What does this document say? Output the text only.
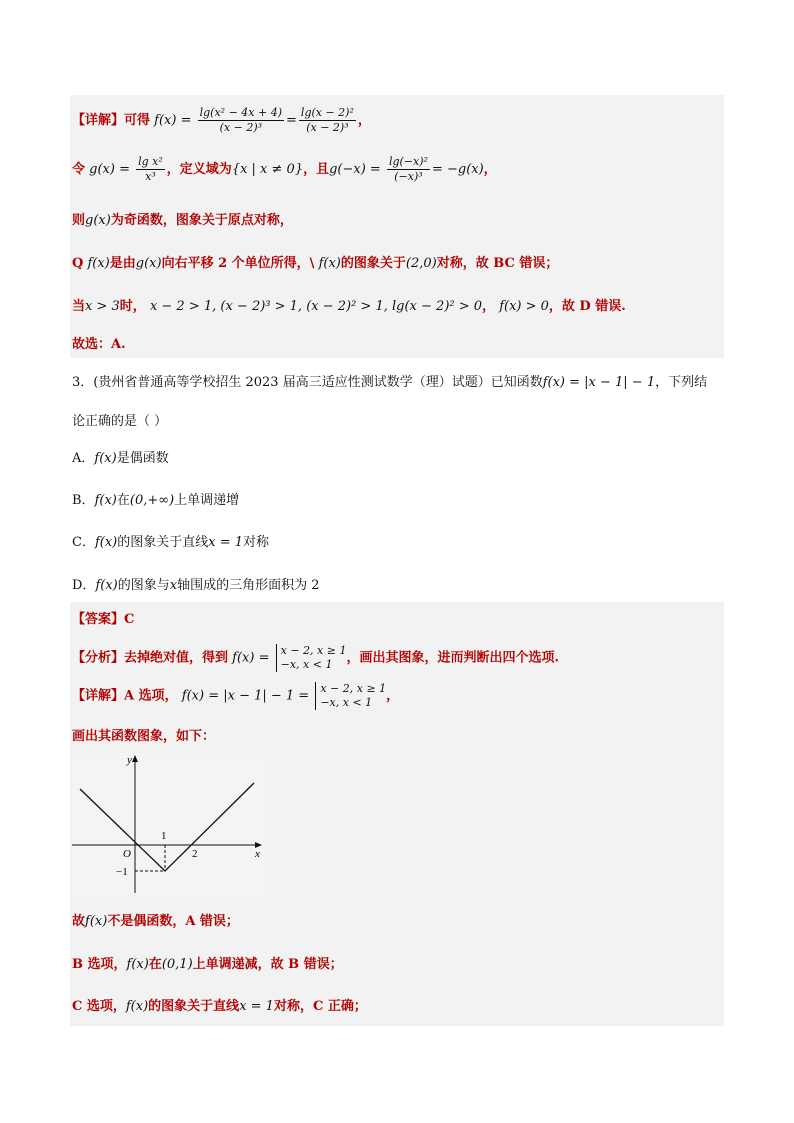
【详解】可得 $f(x) = \frac{\text{lg(x² − 4x + 4)}}{\text{(x − 2)³}} = \frac{\text{lg(x − 2)²}}{\text{(x − 2)³}}$ ，
令 $g(x) = \frac{\text{lg x²}}{\text{x³}}$ ，定义域为{x | x ≠ 0}，且$g(-x) = \frac{\text{lg(−x)²}}{\text{(−x)³}} = -g(x)$，
则g(x)为奇函数，图象关于原点对称，
Q f(x)是由g(x)向右平移 2 个单位所得，\ f(x)的图象关于(2,0)对称，故 BC 错误；
当x > 3时， x − 2 > 1, (x − 2)³ > 1, (x − 2)² > 1, lg(x − 2)² > 0， f(x) > 0，故 D 错误.
故选：A.
3．(贵州省普通高等学校招生 2023 届高三适应性测试数学（理）试题）已知函数f(x) = |x − 1| − 1，下列结
论正确的是（ ）
A．f(x)是偶函数
B．f(x)在(0,+∞)上单调递增
C．f(x)的图象关于直线x = 1对称
D．f(x)的图象与x轴围成的三角形面积为 2
【答案】C
【分析】去掉绝对值，得到 f(x) = x − 2, x ≥ 1
−x, x < 1	，画出其图象，进而判断出四个选项.
【详解】A 选项， f(x) = |x − 1| − 1 = x − 2, x ≥ 1
−x, x < 1	，
画出其函数图象，如下：
y
x
O
1
2
−1
故f(x)不是偶函数，A 错误；
B 选项，f(x)在(0,1)上单调递减，故 B 错误；
C 选项，f(x)的图象关于直线x = 1对称，C 正确；
